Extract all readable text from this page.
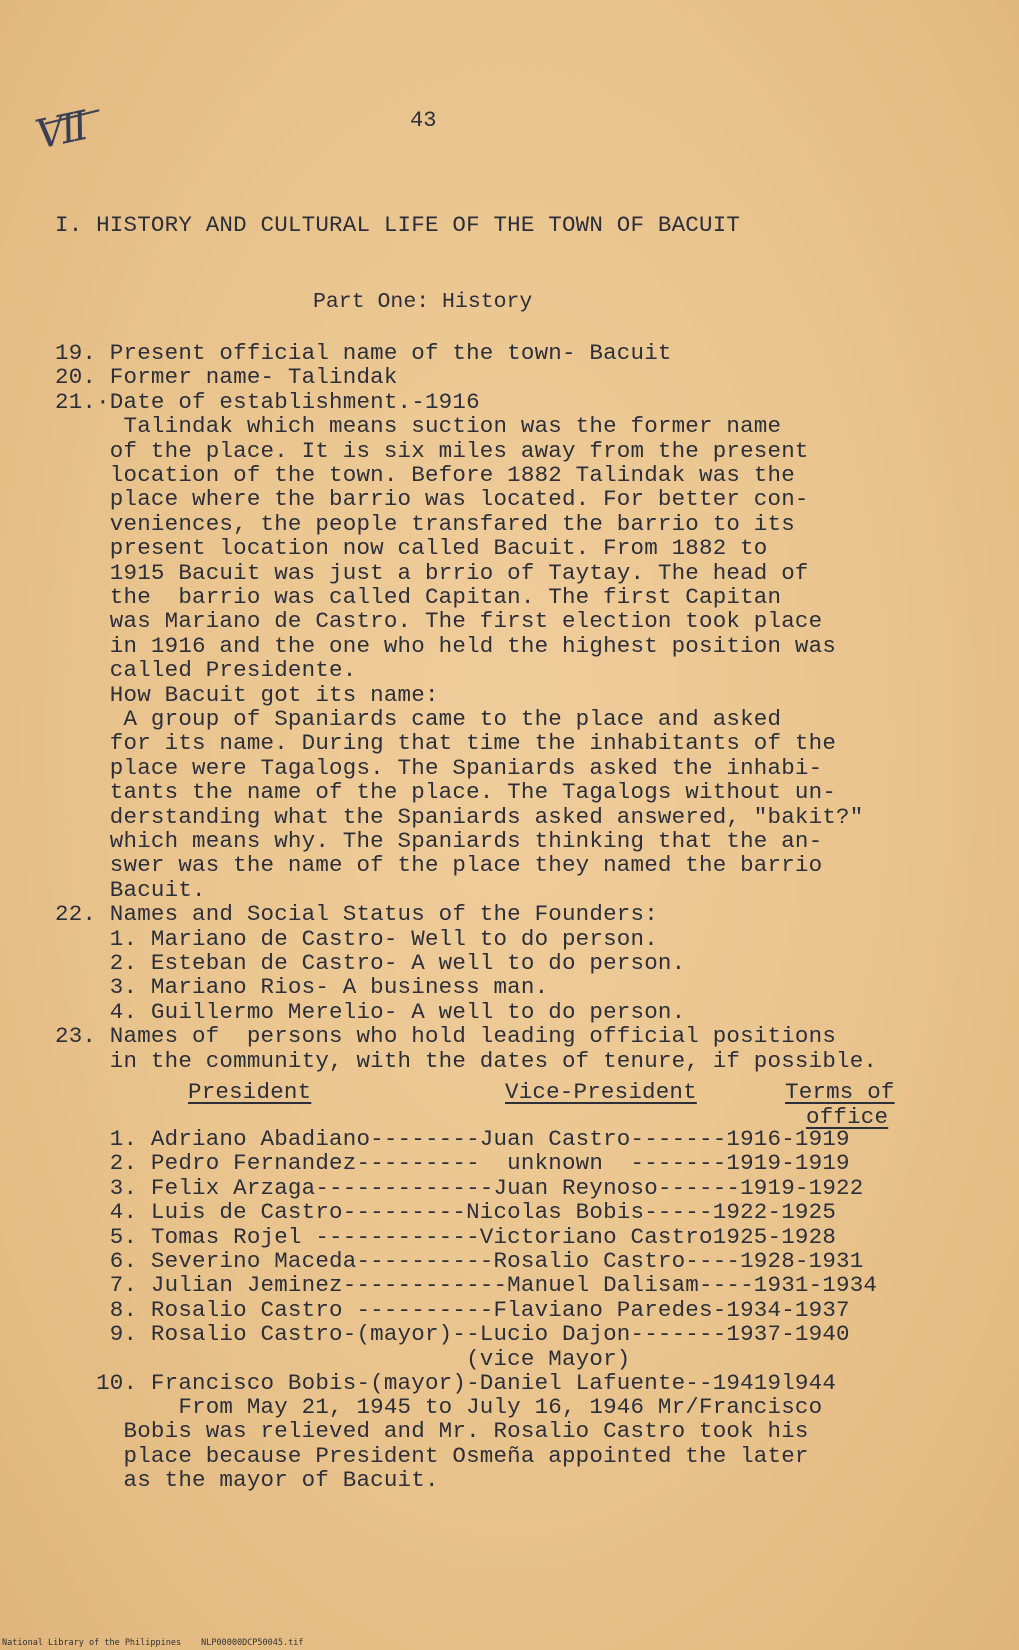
VII	43
I. HISTORY AND CULTURAL LIFE OF THE TOWN OF BACUIT
Part One: History
19. Present official name of the town- Bacuit
20. Former name- Talindak
21.·Date of establishment.-1916
Talindak which means suction was the former name
of the place. It is six miles away from the present
location of the town. Before 1882 Talindak was the
place where the barrio was located. For better con-
veniences, the people transfared the barrio to its
present location now called Bacuit. From 1882 to
1915 Bacuit was just a brrio of Taytay. The head of
the  barrio was called Capitan. The first Capitan
was Mariano de Castro. The first election took place
in 1916 and the one who held the highest position was
called Presidente.
How Bacuit got its name:
A group of Spaniards came to the place and asked
for its name. During that time the inhabitants of the
place were Tagalogs. The Spaniards asked the inhabi-
tants the name of the place. The Tagalogs without un-
derstanding what the Spaniards asked answered, "bakit?"
which means why. The Spaniards thinking that the an-
swer was the name of the place they named the barrio
Bacuit.
22. Names and Social Status of the Founders:
1. Mariano de Castro- Well to do person.
2. Esteban de Castro- A well to do person.
3. Mariano Rios- A business man.
4. Guillermo Merelio- A well to do person.
23. Names of  persons who hold leading official positions
in the community, with the dates of tenure, if possible.
President	Vice-President	Terms of
office
1. Adriano Abadiano--------Juan Castro-------1916-1919
2. Pedro Fernandez---------  unknown  -------1919-1919
3. Felix Arzaga-------------Juan Reynoso------1919-1922
4. Luis de Castro---------Nicolas Bobis-----1922-1925
5. Tomas Rojel ------------Victoriano Castro1925-1928
6. Severino Maceda----------Rosalio Castro----1928-1931
7. Julian Jeminez------------Manuel Dalisam----1931-1934
8. Rosalio Castro ----------Flaviano Paredes-1934-1937
9. Rosalio Castro-(mayor)--Lucio Dajon-------1937-1940
(vice Mayor)
10. Francisco Bobis-(mayor)-Daniel Lafuente--19419l944
From May 21, 1945 to July 16, 1946 Mr/Francisco
Bobis was relieved and Mr. Rosalio Castro took his
place because President Osmeña appointed the later
as the mayor of Bacuit.
National Library of the Philippines NLP00000DCP50045.tif
